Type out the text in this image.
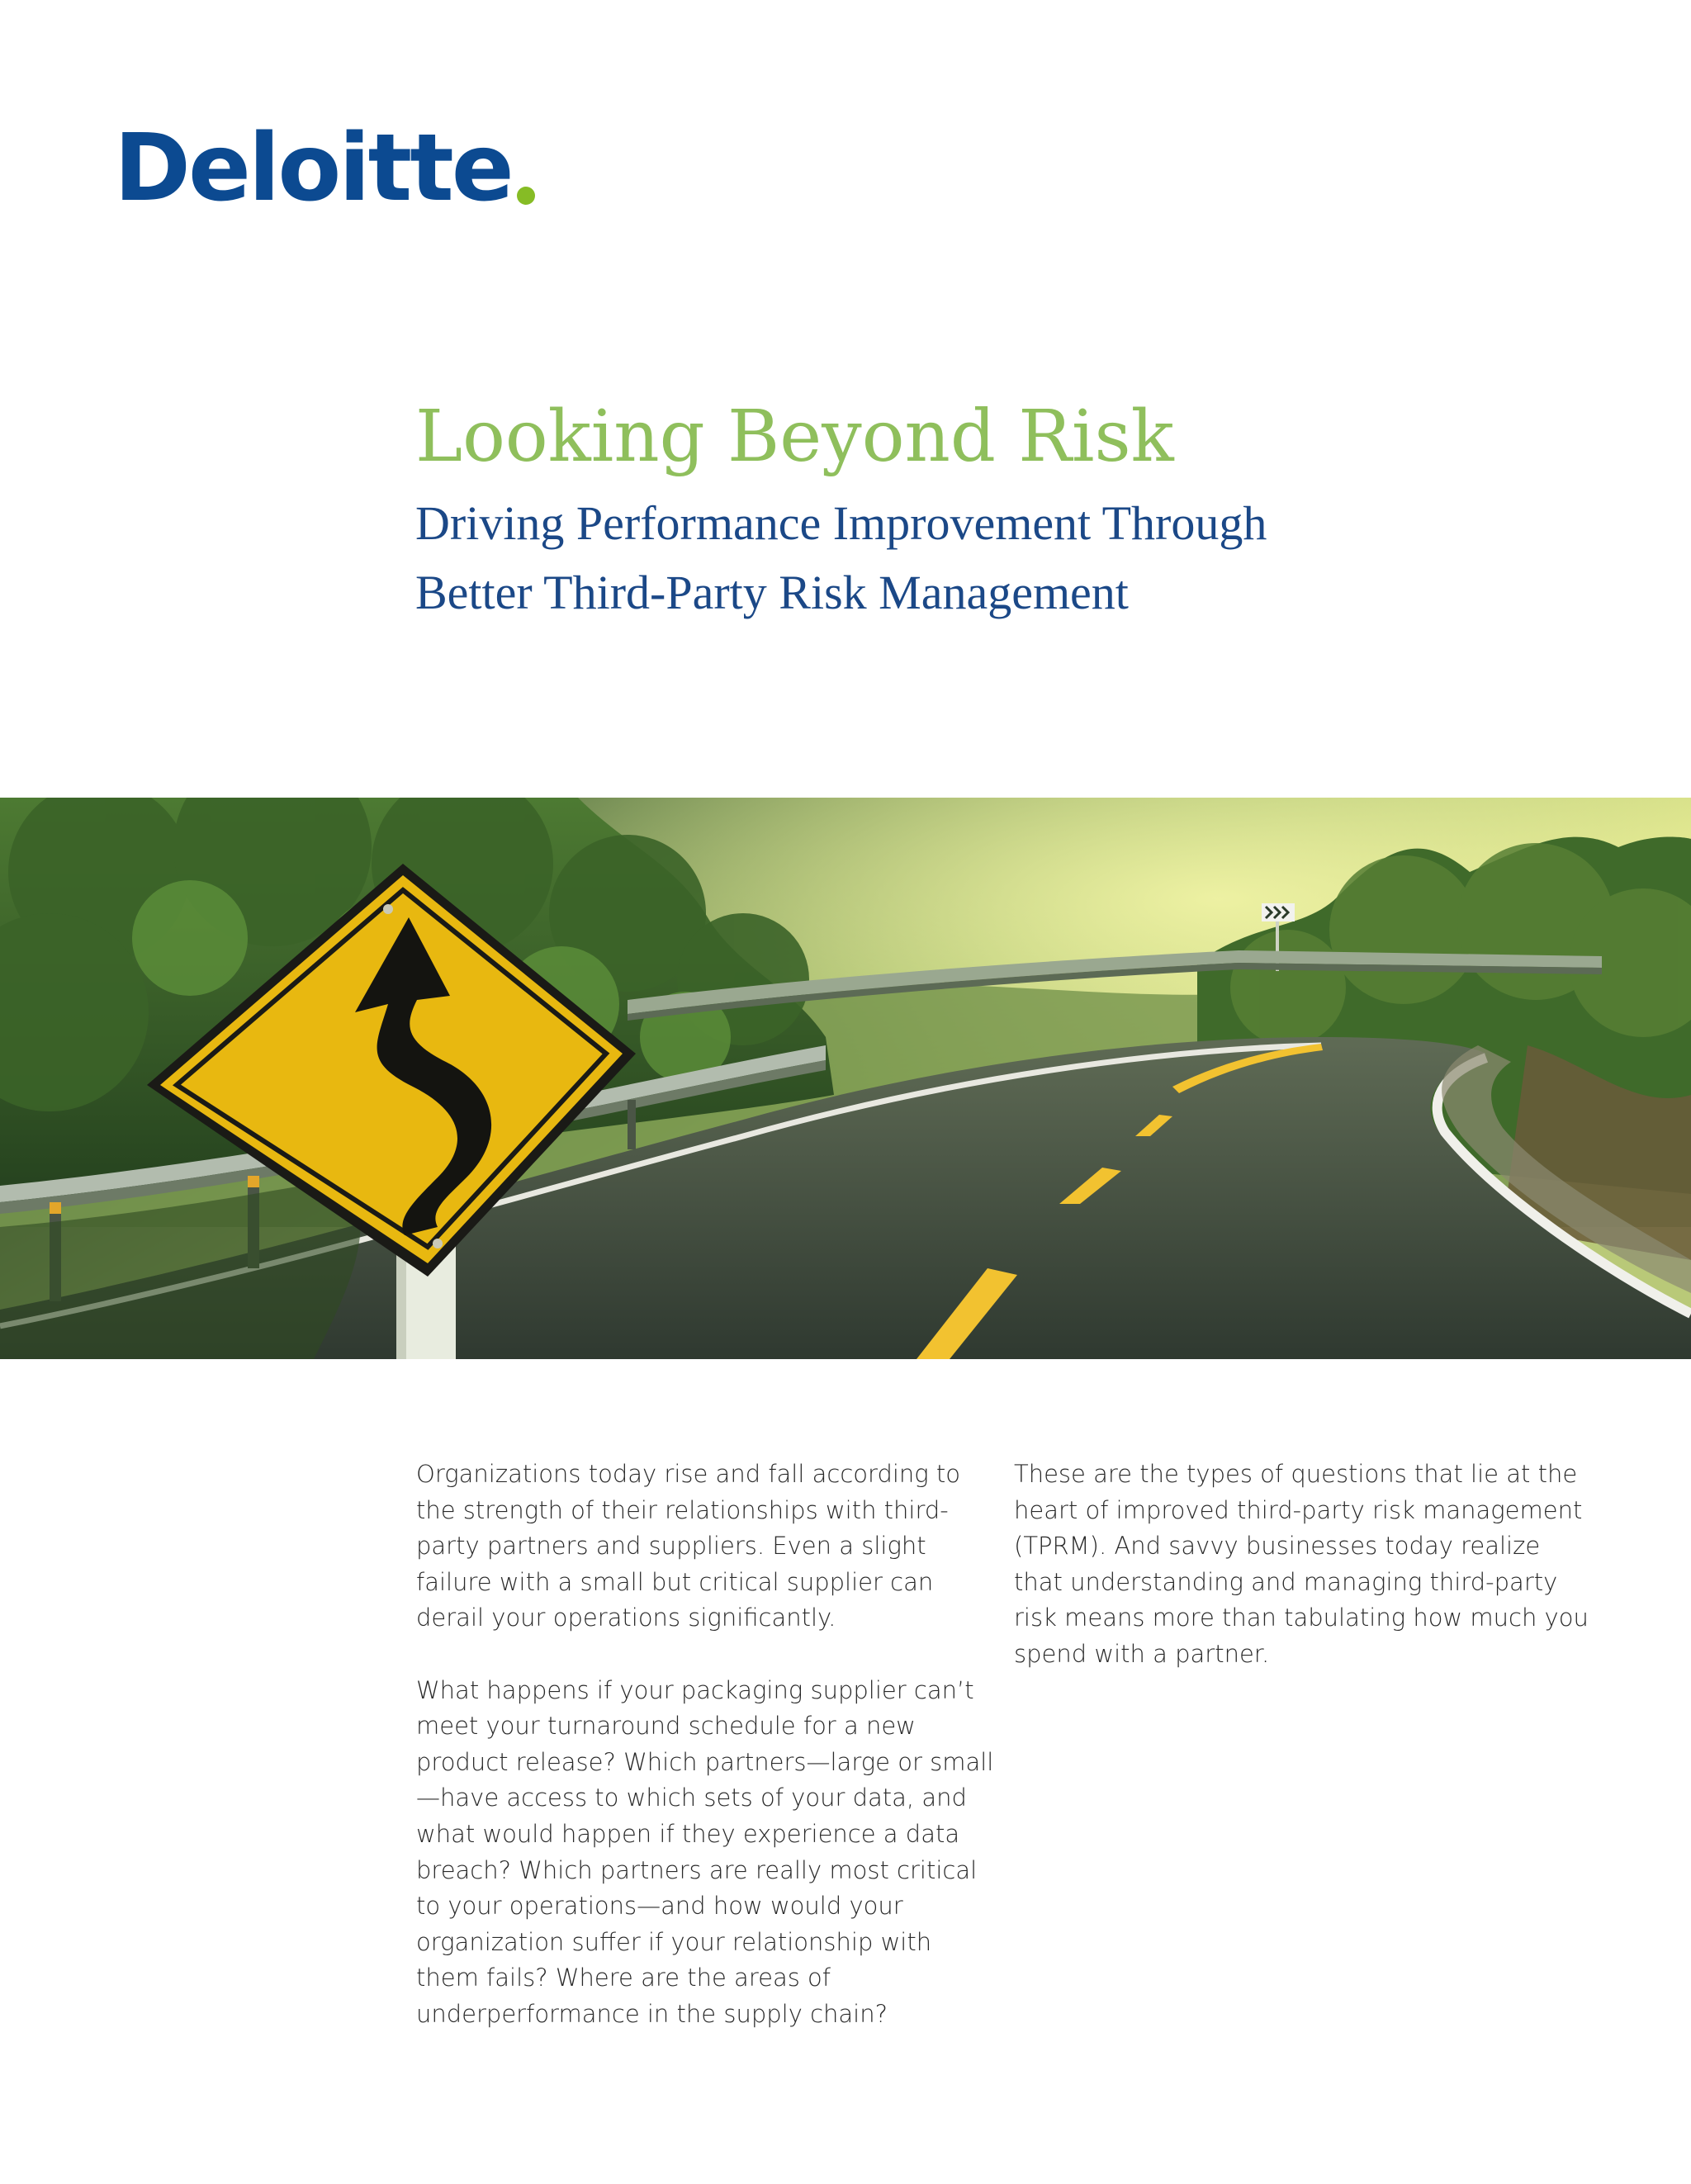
Deloitte
Looking Beyond Risk
Driving Performance Improvement Through
Better Third-Party Risk Management

Organizations today rise and fall according to the strength of their relationships with third-party partners and suppliers. Even a slight failure with a small but critical supplier can derail your operations significantly.

What happens if your packaging supplier can’t meet your turnaround schedule for a new product release? Which partners—large or small—have access to which sets of your data, and what would happen if they experience a data breach? Which partners are really most critical to your operations—and how would your organization suffer if your relationship with them fails? Where are the areas of underperformance in the supply chain?

These are the types of questions that lie at the heart of improved third-party risk management (TPRM). And savvy businesses today realize that understanding and managing third-party risk means more than tabulating how much you spend with a partner.
